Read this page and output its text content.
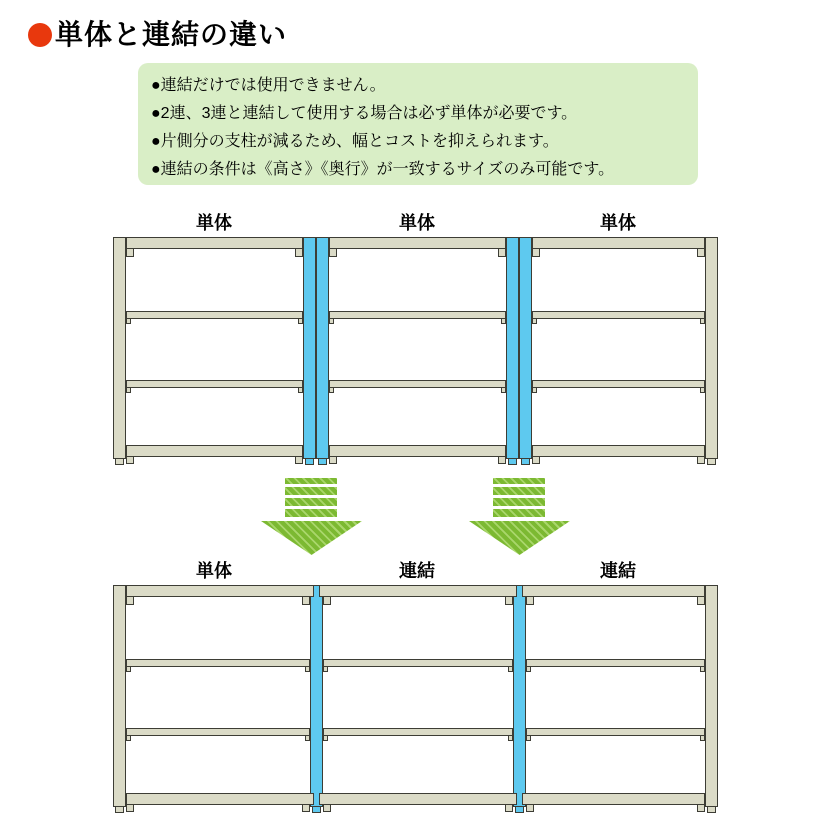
単体と連結の違い
●連結だけでは使用できません。
●2連、3連と連結して使用する場合は必ず単体が必要です。
●片側分の支柱が減るため、幅とコストを抑えられます。
●連結の条件は《高さ》《奥行》が一致するサイズのみ可能です。
単体	単体	単体
単体	連結	連結
